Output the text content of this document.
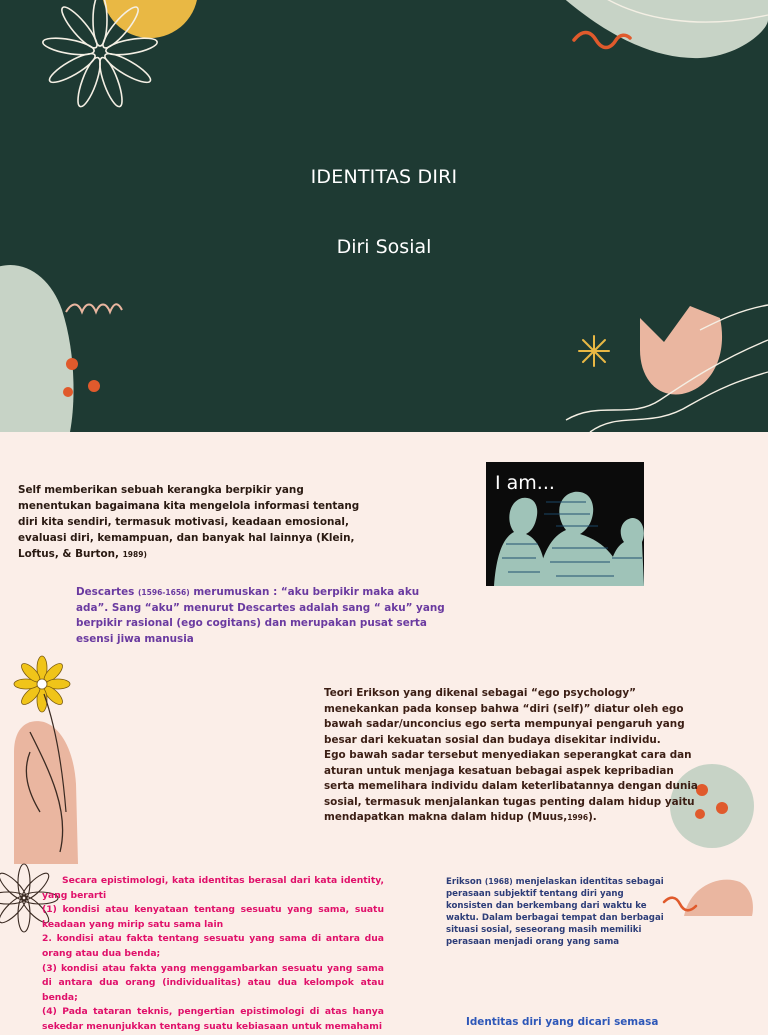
IDENTITAS DIRI
Diri Sosial
Self memberikan sebuah kerangka berpikir yang menentukan bagaimana kita mengelola informasi tentang diri kita sendiri, termasuk motivasi, keadaan emosional, evaluasi diri, kemampuan, dan banyak hal lainnya (Klein, Loftus, & Burton, 1989)
I am...
Descartes (1596-1656) merumuskan : “aku berpikir maka aku ada”. Sang “aku” menurut Descartes adalah sang “ aku” yang berpikir rasional (ego cogitans) dan merupakan pusat serta esensi jiwa manusia
Teori Erikson yang dikenal sebagai “ego psychology” menekankan pada konsep bahwa “diri (self)” diatur oleh ego bawah sadar/unconcius ego serta mempunyai pengaruh yang besar dari kekuatan sosial dan budaya disekitar individu.
Ego bawah sadar tersebut menyediakan seperangkat cara dan aturan untuk menjaga kesatuan bebagai aspek kepribadian serta memelihara individu dalam keterlibatannya dengan dunia sosial, termasuk menjalankan tugas penting dalam hidup yaitu mendapatkan makna dalam hidup (Muus,1996).
Secara epistimologi, kata identitas berasal dari kata identity, yang berarti
(1) kondisi atau kenyataan tentang sesuatu yang sama, suatu keadaan yang mirip satu sama lain
2. kondisi atau fakta tentang sesuatu yang sama di antara dua orang atau dua benda;
(3) kondisi atau fakta yang menggambarkan sesuatu yang sama di antara dua orang (individualitas) atau dua kelompok atau benda;
(4) Pada tataran teknis, pengertian epistimologi di atas hanya sekedar menunjukkan tentang suatu kebiasaan untuk memahami
Erikson (1968) menjelaskan identitas sebagai perasaan subjektif tentang diri yang konsisten dan berkembang dari waktu ke waktu. Dalam berbagai tempat dan berbagai situasi sosial, seseorang masih memiliki perasaan menjadi orang yang sama
Identitas diri yang dicari semasa
